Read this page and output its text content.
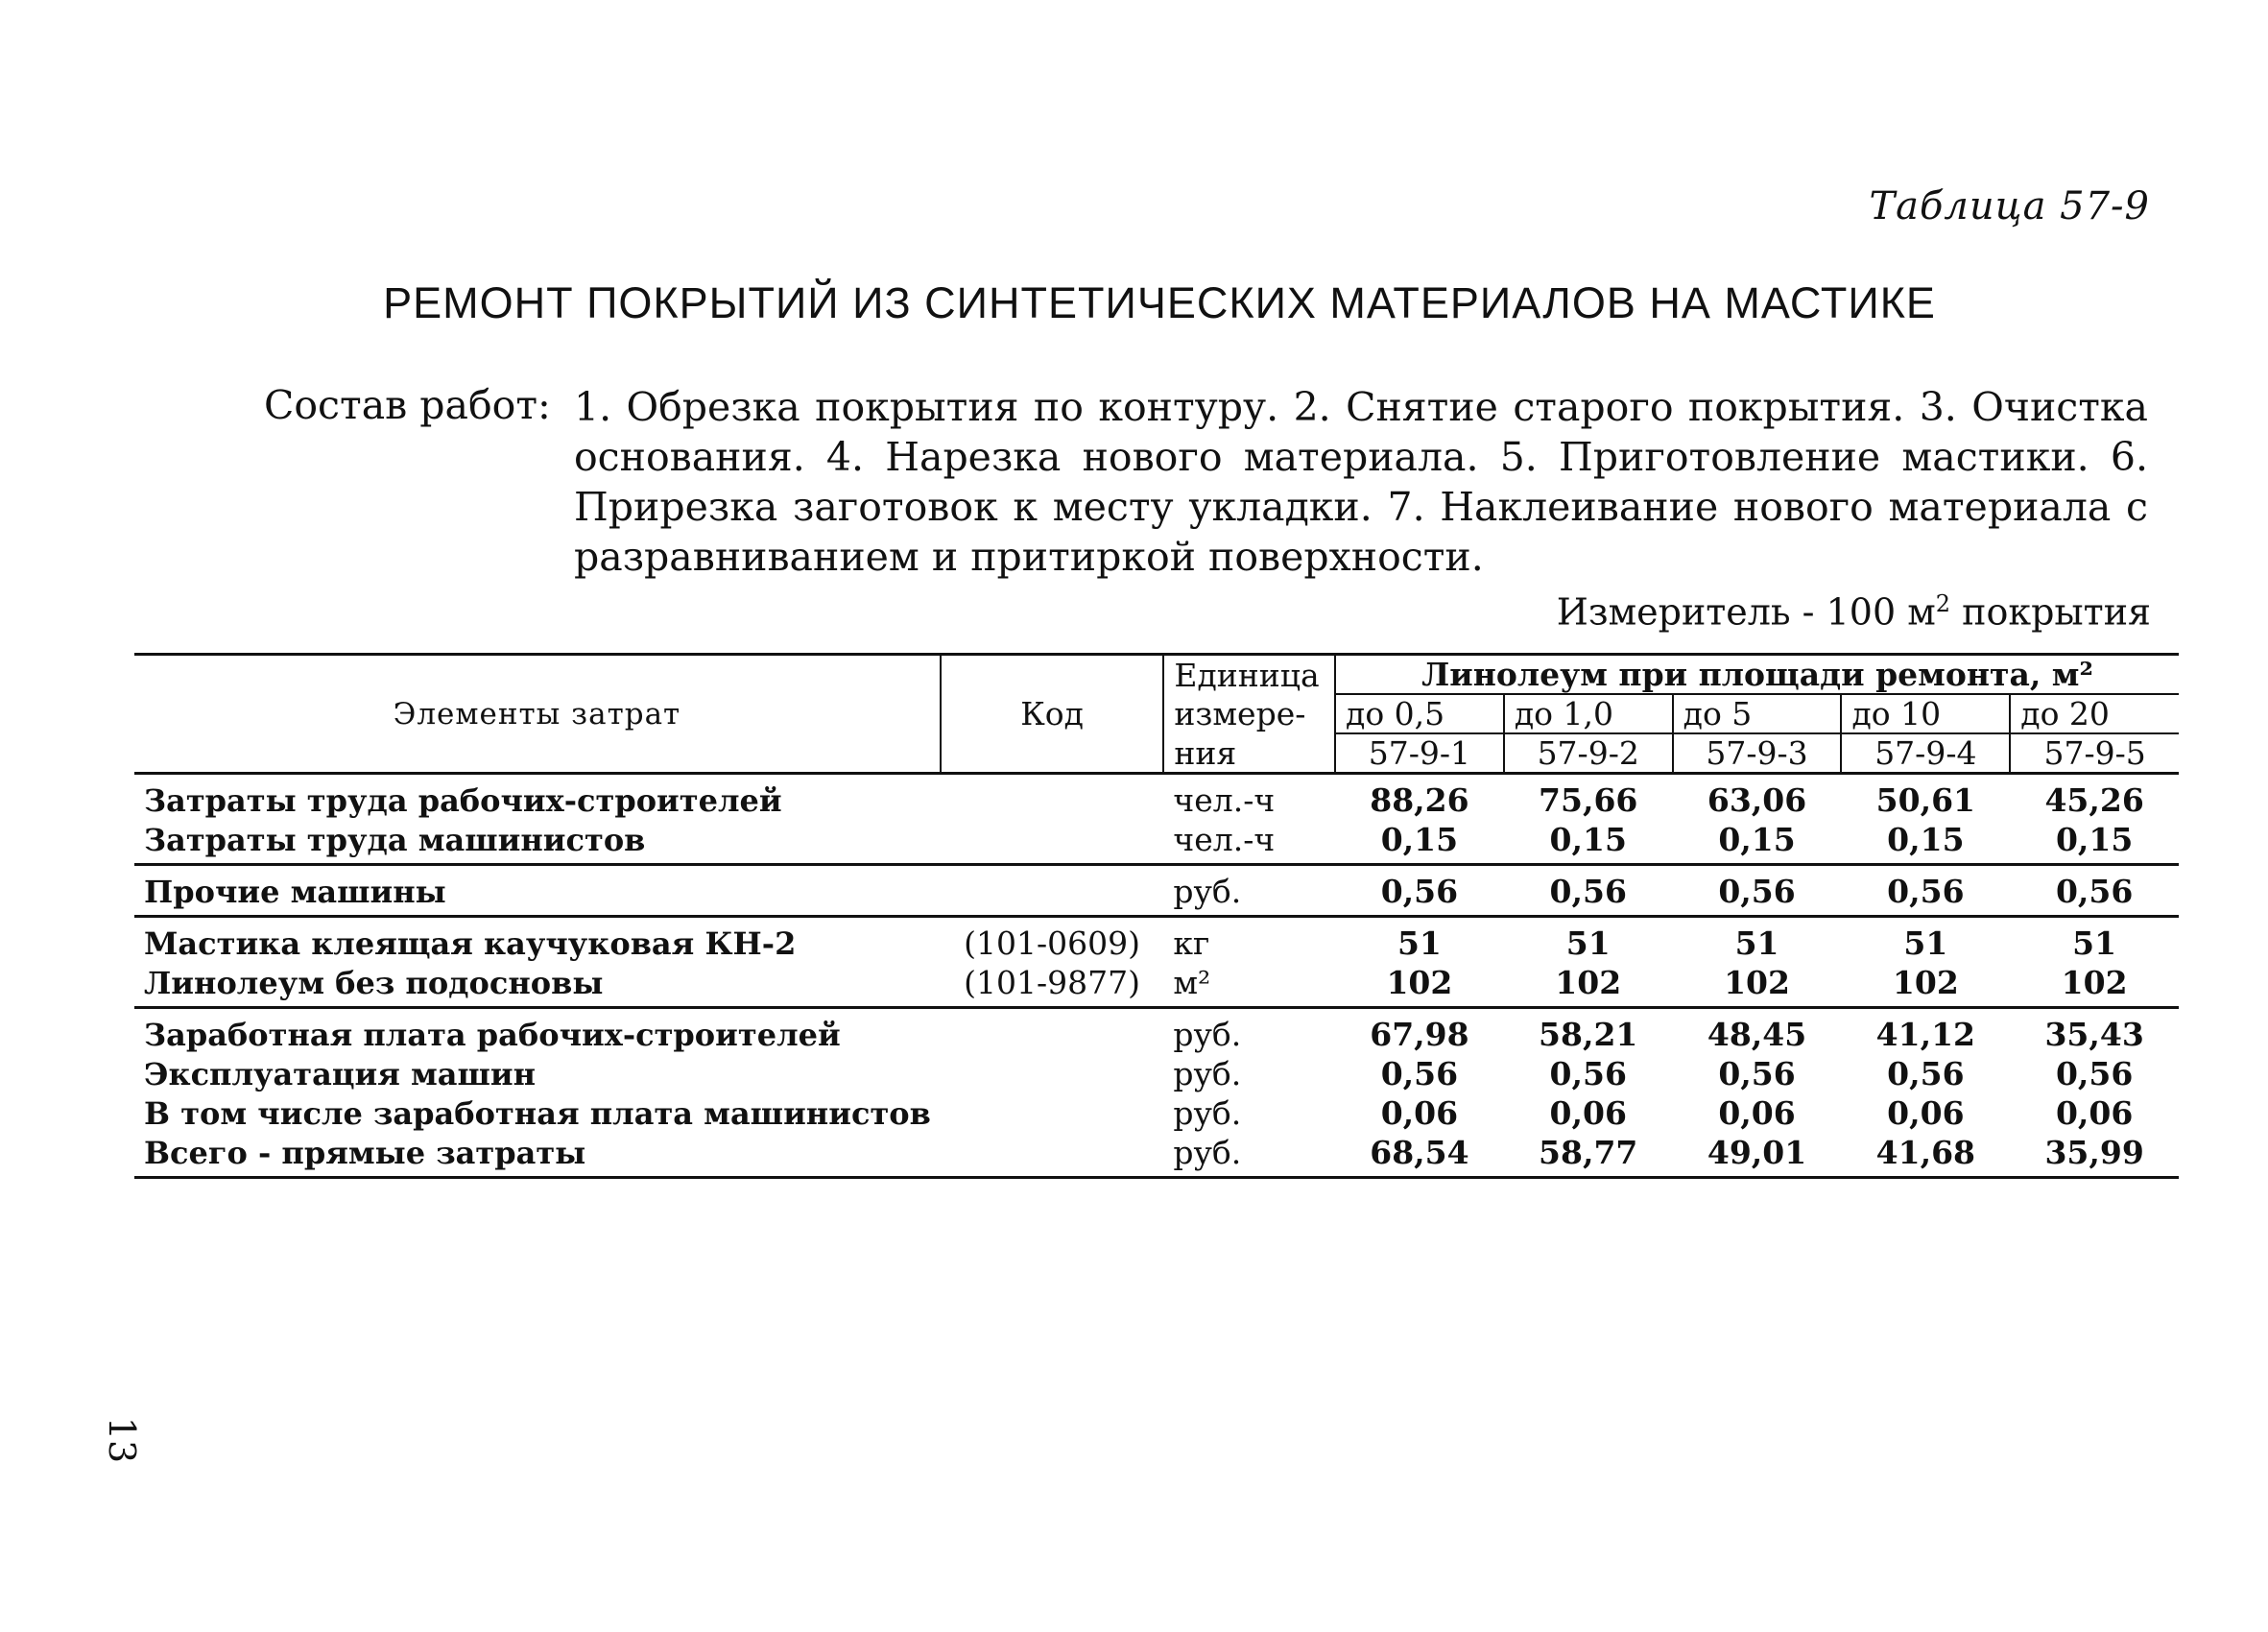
Таблица 57-9
РЕМОНТ ПОКРЫТИЙ ИЗ СИНТЕТИЧЕСКИХ МАТЕРИАЛОВ НА МАСТИКЕ
Состав работ: 1. Обрезка покрытия по контуру. 2. Снятие старого покрытия. 3. Очистка основания. 4. Нарезка нового материала. 5. Приготовление мастики. 6. Прирезка заготовок к месту укладки. 7. Наклеивание нового материала с разравниванием и притиркой поверхности.
Измеритель - 100 $м^2$ покрытия
Элементы затрат	Код	Единица	Линолеум при площади ремонта, м²				
		измере-	до 0,5	до 1,0	до 5	до 10	до 20
		ния	57-9-1	57-9-2	57-9-3	57-9-4	57-9-5
Затраты труда рабочих-строителей		чел.-ч	88,26	75,66	63,06	50,61	45,26
Затраты труда машинистов		чел.-ч	0,15	0,15	0,15	0,15	0,15
Прочие машины		руб.	0,56	0,56	0,56	0,56	0,56
Мастика клеящая каучуковая КН-2	(101-0609)	кг	51	51	51	51	51
Линолеум без подосновы	(101-9877)	м²	102	102	102	102	102
Заработная плата рабочих-строителей		руб.	67,98	58,21	48,45	41,12	35,43
Эксплуатация машин		руб.	0,56	0,56	0,56	0,56	0,56
В том числе заработная плата машинистов		руб.	0,06	0,06	0,06	0,06	0,06
Всего - прямые затраты		руб.	68,54	58,77	49,01	41,68	35,99
13
